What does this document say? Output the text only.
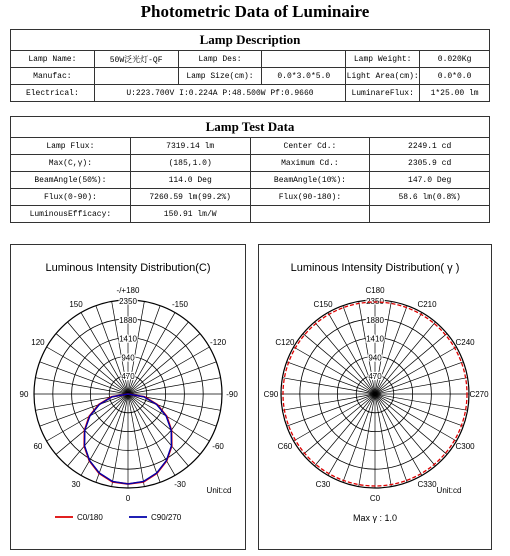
Photometric Data of Luminaire
Lamp Description					
Lamp Name:	50W泛光灯-QF	Lamp Des:		Lamp Weight:	0.020Kg
Manufac:		Lamp Size(cm):	0.0*3.0*5.0	Light Area(cm):	0.0*0.0
Electrical:	U:223.700V I:0.224A P:48.500W Pf:0.9660			LuminareFlux:	1*25.00 lm
Lamp Test Data			
Lamp Flux:	7319.14 lm	Center Cd.:	2249.1 cd
Max(C,γ):	(185,1.0)	Maximum Cd.:	2305.9 cd
BeamAngle(50%):	114.0 Deg	BeamAngle(10%):	147.0 Deg
Flux(0-90):	7260.59 lm(99.2%)	Flux(90-180):	58.6 lm(0.8%)
LuminousEfficacy:	150.91 lm/W		
Luminous Intensity Distribution(C)
2350
1880
1410
940
470
-/+180
150
120
90
60
30
0
-30
-60
-90
-120
-150
Unit:cd
C0/180	C90/270
Luminous Intensity Distribution( γ )
2350
1880
1410
940
470
C180
C150
C120
C90
C60
C30
C0
C330
C300
C270
C240
C210
Unit:cd
Max γ : 1.0
